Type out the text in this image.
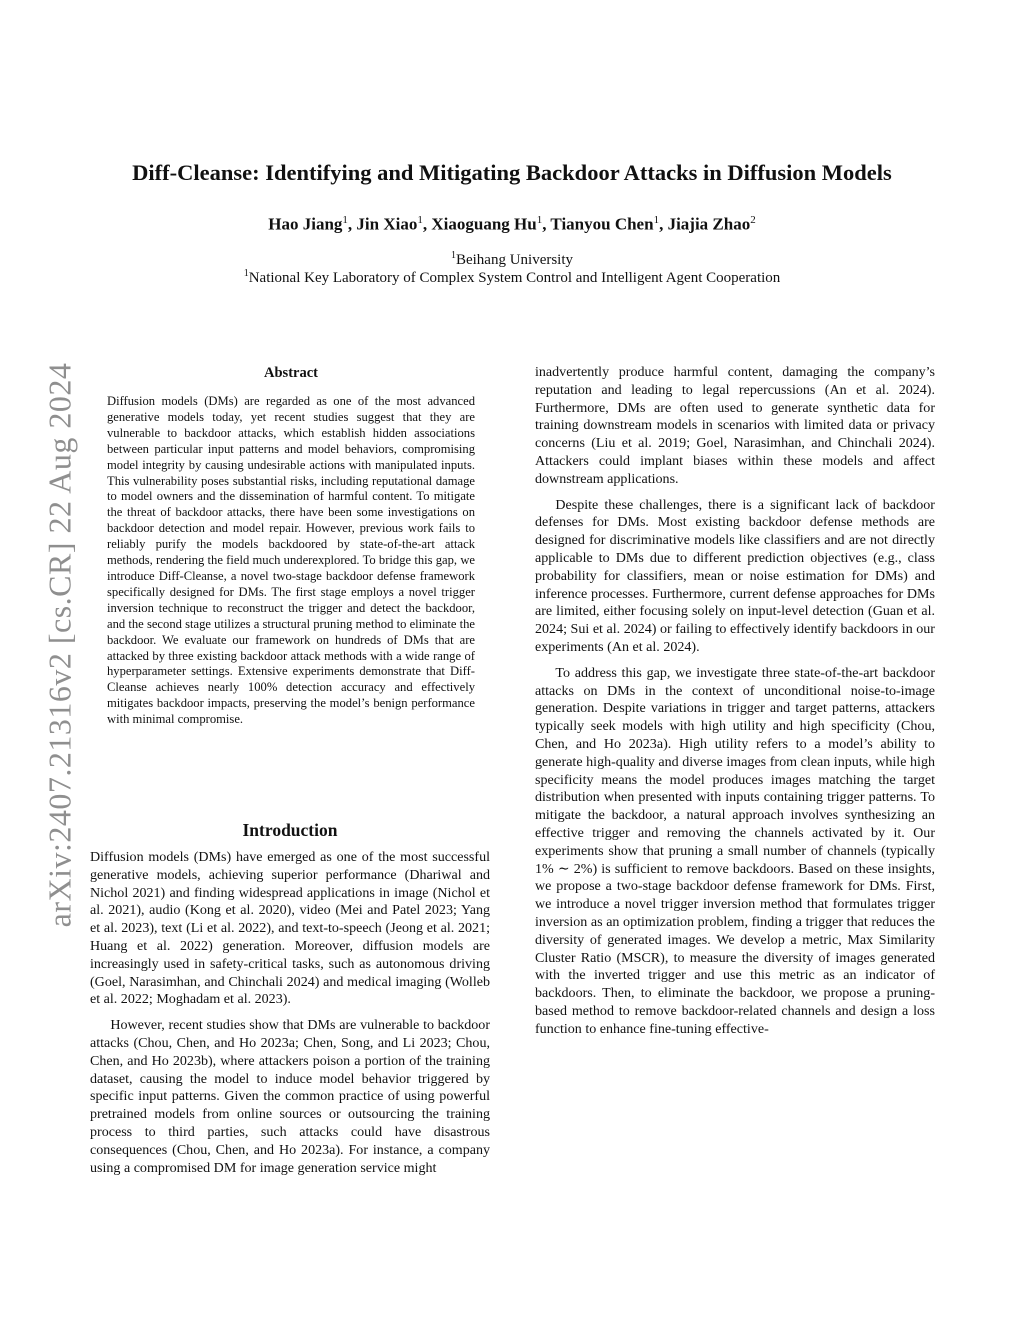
arXiv:2407.21316v2 [cs.CR] 22 Aug 2024
Diff-Cleanse: Identifying and Mitigating Backdoor Attacks in Diffusion Models
Hao Jiang$^1$, Jin Xiao$^1$, Xiaoguang Hu$^1$, Tianyou Chen$^1$, Jiajia Zhao$^2$
$^1$Beihang University
$^1$National Key Laboratory of Complex System Control and Intelligent Agent Cooperation
Abstract

Diffusion models (DMs) are regarded as one of the most advanced generative models today, yet recent studies suggest that they are vulnerable to backdoor attacks, which establish hidden associations between particular input patterns and model behaviors, compromising model integrity by causing undesirable actions with manipulated inputs. This vulnerability poses substantial risks, including reputational damage to model owners and the dissemination of harmful content. To mitigate the threat of backdoor attacks, there have been some investigations on backdoor detection and model repair. However, previous work fails to reliably purify the models backdoored by state-of-the-art attack methods, rendering the field much underexplored. To bridge this gap, we introduce Diff-Cleanse, a novel two-stage backdoor defense framework specifically designed for DMs. The first stage employs a novel trigger inversion technique to reconstruct the trigger and detect the backdoor, and the second stage utilizes a structural pruning method to eliminate the backdoor. We evaluate our framework on hundreds of DMs that are attacked by three existing backdoor attack methods with a wide range of hyperparameter settings. Extensive experiments demonstrate that Diff-Cleanse achieves nearly 100% detection accuracy and effectively mitigates backdoor impacts, preserving the model’s benign performance with minimal compromise.

Introduction

Diffusion models (DMs) have emerged as one of the most successful generative models, achieving superior performance (Dhariwal and Nichol 2021) and finding widespread applications in image (Nichol et al. 2021), audio (Kong et al. 2020), video (Mei and Patel 2023; Yang et al. 2023), text (Li et al. 2022), and text-to-speech (Jeong et al. 2021; Huang et al. 2022) generation. Moreover, diffusion models are increasingly used in safety-critical tasks, such as autonomous driving (Goel, Narasimhan, and Chinchali 2024) and medical imaging (Wolleb et al. 2022; Moghadam et al. 2023).

However, recent studies show that DMs are vulnerable to backdoor attacks (Chou, Chen, and Ho 2023a; Chen, Song, and Li 2023; Chou, Chen, and Ho 2023b), where attackers poison a portion of the training dataset, causing the model to induce model behavior triggered by specific input patterns. Given the common practice of using powerful pretrained models from online sources or outsourcing the training process to third parties, such attacks could have disastrous consequences (Chou, Chen, and Ho 2023a). For instance, a company using a compromised DM for image generation service might

inadvertently produce harmful content, damaging the company’s reputation and leading to legal repercussions (An et al. 2024). Furthermore, DMs are often used to generate synthetic data for training downstream models in scenarios with limited data or privacy concerns (Liu et al. 2019; Goel, Narasimhan, and Chinchali 2024). Attackers could implant biases within these models and affect downstream applications.

Despite these challenges, there is a significant lack of backdoor defenses for DMs. Most existing backdoor defense methods are designed for discriminative models like classifiers and are not directly applicable to DMs due to different prediction objectives (e.g., class probability for classifiers, mean or noise estimation for DMs) and inference processes. Furthermore, current defense approaches for DMs are limited, either focusing solely on input-level detection (Guan et al. 2024; Sui et al. 2024) or failing to effectively identify backdoors in our experiments (An et al. 2024).

To address this gap, we investigate three state-of-the-art backdoor attacks on DMs in the context of unconditional noise-to-image generation. Despite variations in trigger and target patterns, attackers typically seek models with high utility and high specificity (Chou, Chen, and Ho 2023a). High utility refers to a model’s ability to generate high-quality and diverse images from clean inputs, while high specificity means the model produces images matching the target distribution when presented with inputs containing trigger patterns. To mitigate the backdoor, a natural approach involves synthesizing an effective trigger and removing the channels activated by it. Our experiments show that pruning a small number of channels (typically 1% ∼ 2%) is sufficient to remove backdoors. Based on these insights, we propose a two-stage backdoor defense framework for DMs. First, we introduce a novel trigger inversion method that formulates trigger inversion as an optimization problem, finding a trigger that reduces the diversity of generated images. We develop a metric, Max Similarity Cluster Ratio (MSCR), to measure the diversity of images generated with the inverted trigger and use this metric as an indicator of backdoors. Then, to eliminate the backdoor, we propose a pruning-based method to remove backdoor-related channels and design a loss function to enhance fine-tuning effective-
